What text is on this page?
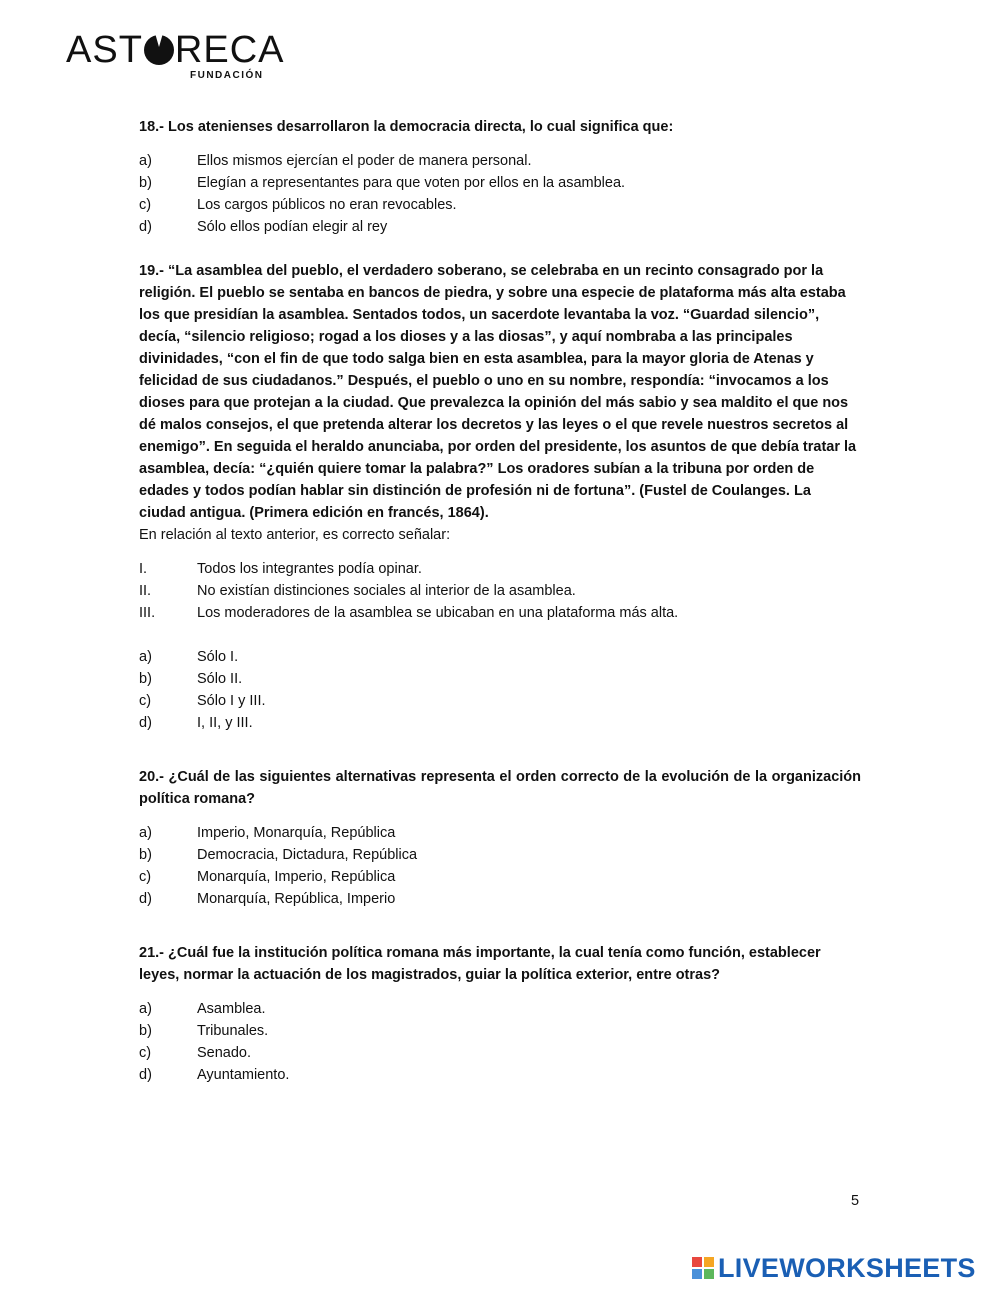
AST RECA
FUNDACIÓN

18.- Los atenienses desarrollaron la democracia directa, lo cual significa que:

a)	Ellos mismos ejercían el poder de manera personal.
b)	Elegían a representantes para que voten por ellos en la asamblea.
c)	Los cargos públicos no eran revocables.
d)	Sólo ellos podían elegir al rey

19.- “La asamblea del pueblo, el verdadero soberano, se celebraba en un recinto consagrado por la religión. El pueblo se sentaba en bancos de piedra, y sobre una especie de plataforma más alta estaba los que presidían la asamblea. Sentados todos, un sacerdote levantaba la voz. “Guardad silencio”, decía, “silencio religioso; rogad a los dioses y a las diosas”, y aquí nombraba a las principales divinidades, “con el fin de que todo salga bien en esta asamblea, para la mayor gloria de Atenas y felicidad de sus ciudadanos.” Después, el pueblo o uno en su nombre, respondía: “invocamos a los dioses para que protejan a la ciudad. Que prevalezca la opinión del más sabio y sea maldito el que nos dé malos consejos, el que pretenda alterar los decretos y las leyes o el que revele nuestros secretos al enemigo”. En seguida el heraldo anunciaba, por orden del presidente, los asuntos de que debía tratar la asamblea, decía: “¿quién quiere tomar la palabra?” Los oradores subían a la tribuna por orden de edades y todos podían hablar sin distinción de profesión ni de fortuna”. (Fustel de Coulanges. La ciudad antigua. (Primera edición en francés, 1864).

En relación al texto anterior, es correcto señalar:

I.	Todos los integrantes podía opinar.
II.	No existían distinciones sociales al interior de la asamblea.
III.	Los moderadores de la asamblea se ubicaban en una plataforma más alta.
a)	Sólo I.
b)	Sólo II.
c)	Sólo I y III.
d)	I, II, y III.

20.- ¿Cuál de las siguientes alternativas representa el orden correcto de la evolución de la organización política romana?

a)	Imperio, Monarquía, República
b)	Democracia, Dictadura, República
c)	Monarquía, Imperio, República
d)	Monarquía, República, Imperio

21.- ¿Cuál fue la institución política romana más importante, la cual tenía como función, establecer leyes, normar la actuación de los magistrados, guiar la política exterior, entre otras?

a)	Asamblea.
b)	Tribunales.
c)	Senado.
d)	Ayuntamiento.
5
LIVEWORKSHEETS
